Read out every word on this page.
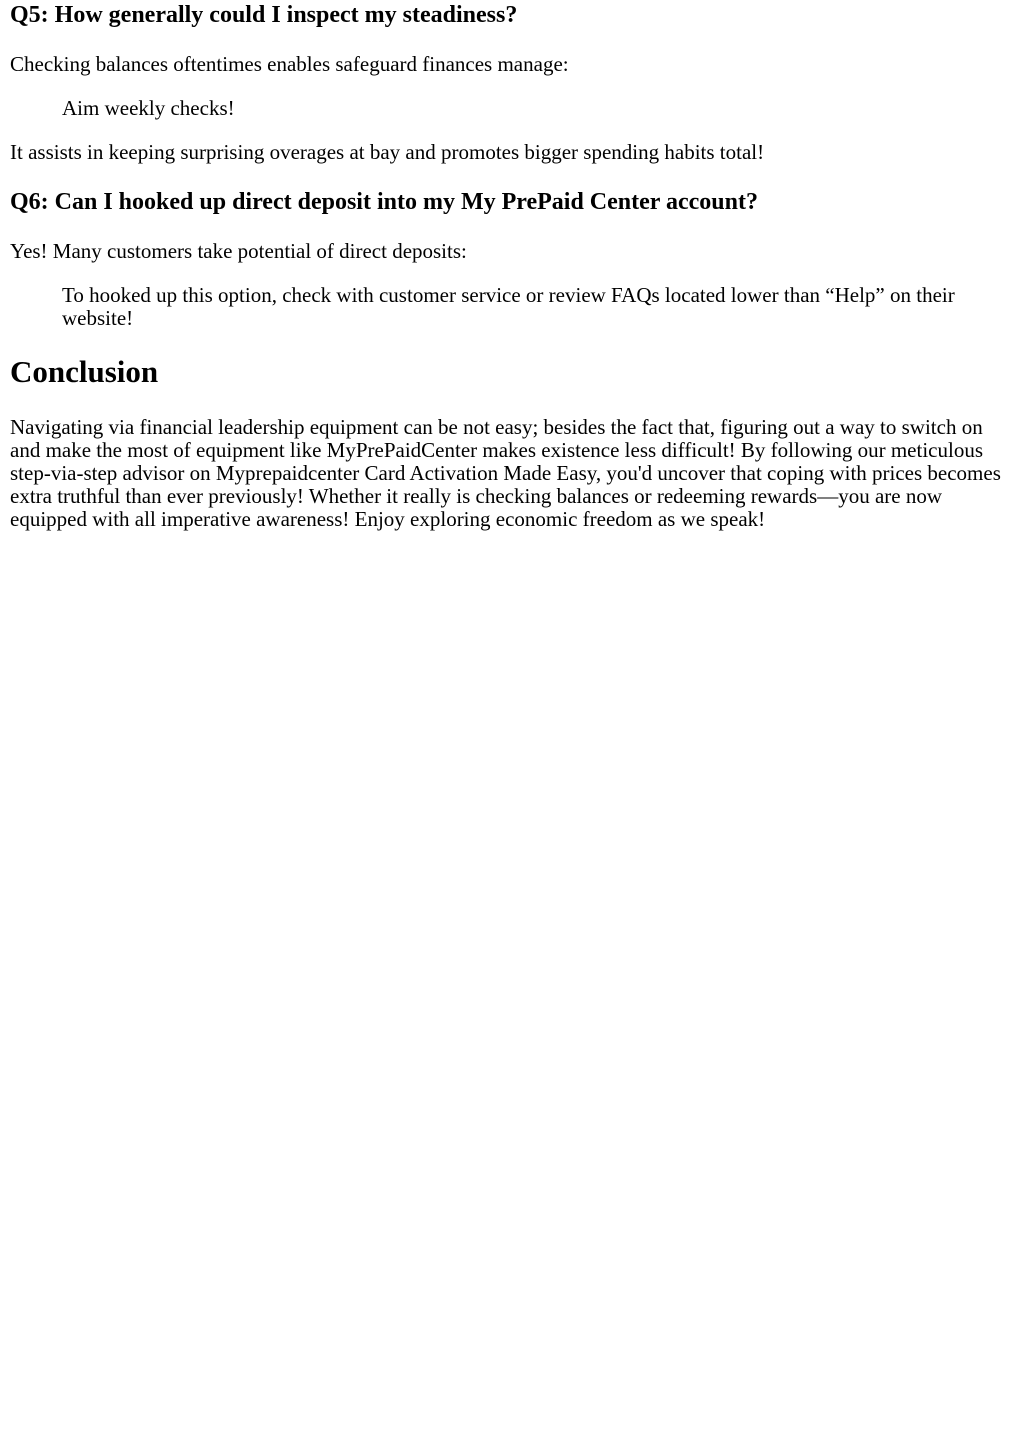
Q5: How generally could I inspect my steadiness?

Checking balances oftentimes enables safeguard finances manage:

Aim weekly checks!

It assists in keeping surprising overages at bay and promotes bigger spending habits total!

Q6: Can I hooked up direct deposit into my My PrePaid Center account?

Yes! Many customers take potential of direct deposits:

To hooked up this option, check with customer service or review FAQs located lower than “Help” on their website!
Conclusion

Navigating via financial leadership equipment can be not easy; besides the fact that, figuring out a way to switch on and make the most of equipment like MyPrePaidCenter makes existence less difficult! By following our meticulous step-via-step advisor on Myprepaidcenter Card Activation Made Easy, you'd uncover that coping with prices becomes extra truthful than ever previously! Whether it really is checking balances or redeeming rewards—you are now equipped with all imperative awareness! Enjoy exploring economic freedom as we speak!
